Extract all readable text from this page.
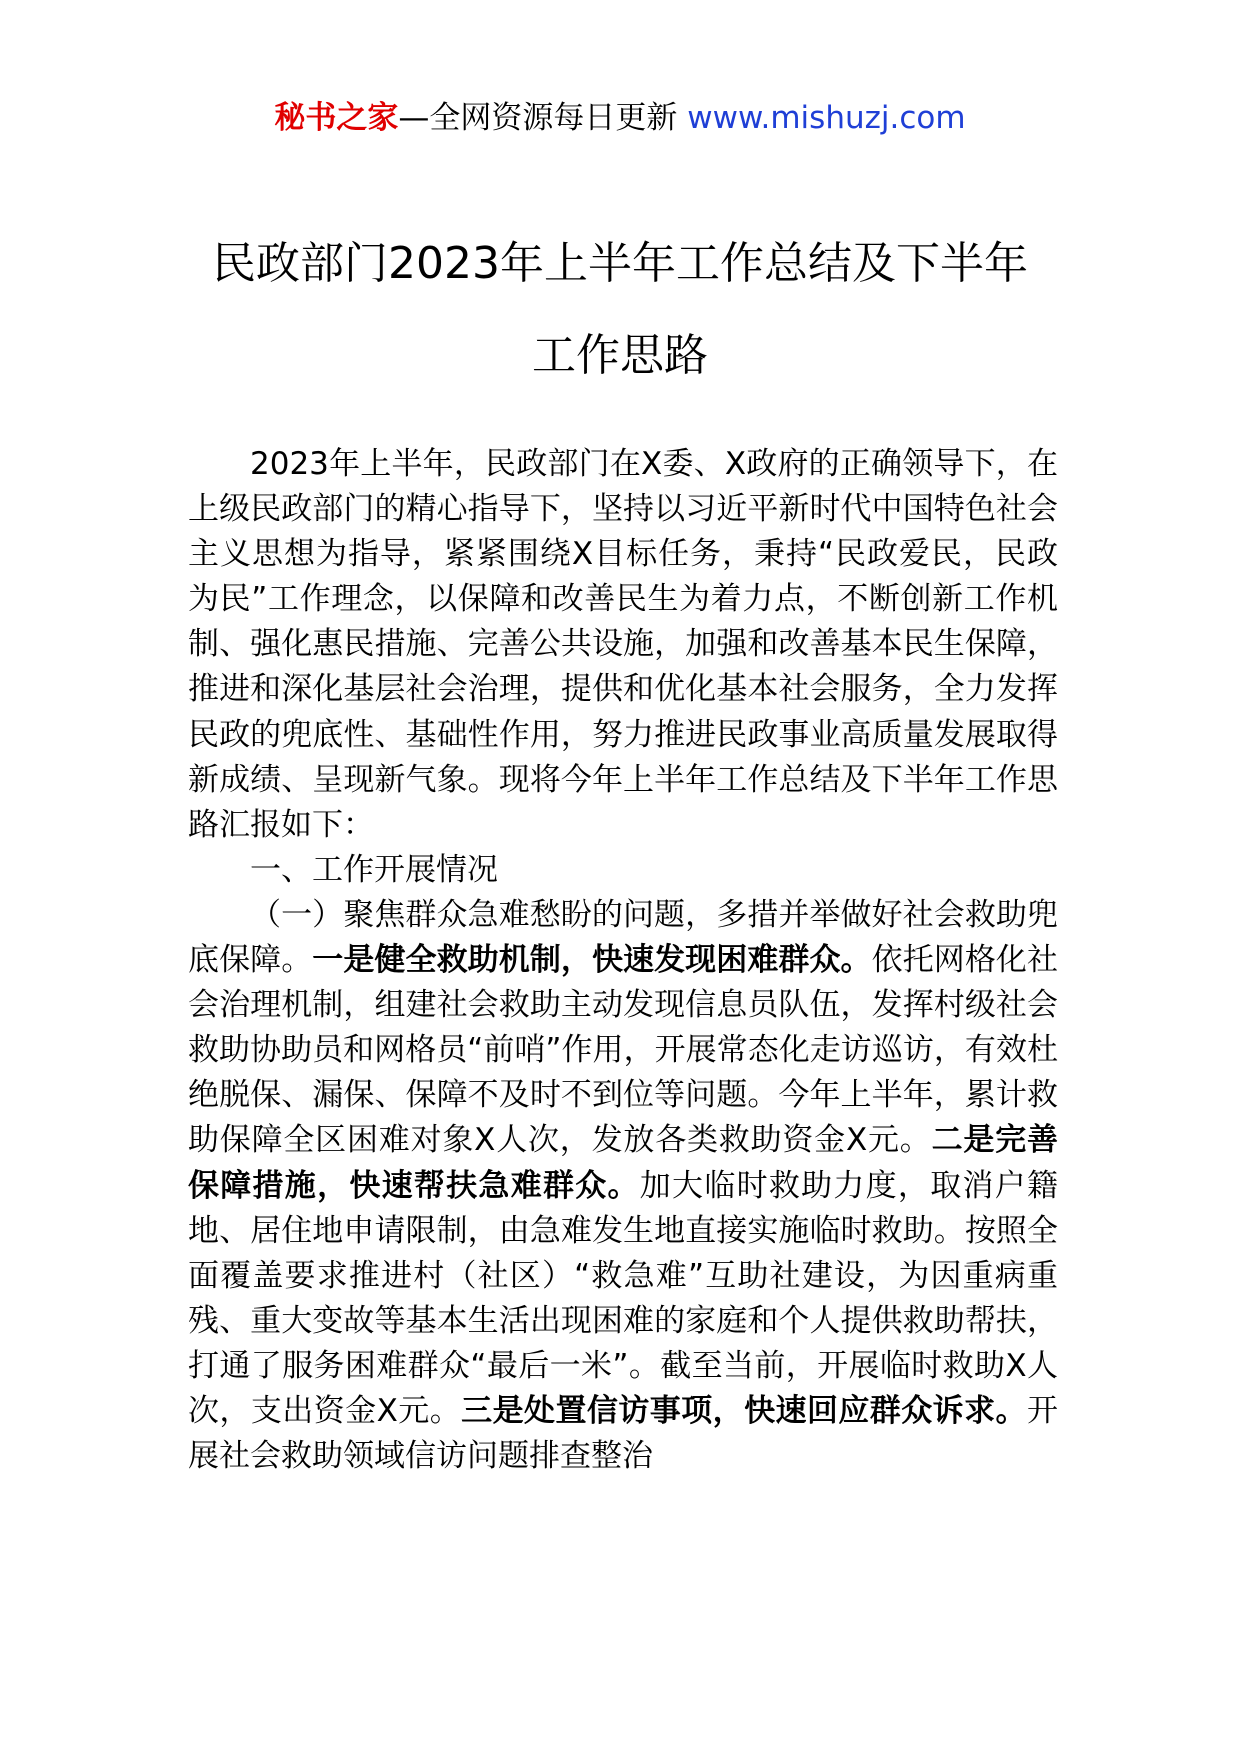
秘书之家—全网资源每日更新 www.mishuzj.com
民政部门2023年上半年工作总结及下半年
工作思路

2023年上半年，民政部门在X委、X政府的正确领导下，在上级民政部门的精心指导下，坚持以习近平新时代中国特色社会主义思想为指导，紧紧围绕X目标任务，秉持“民政爱民，民政为民”工作理念，以保障和改善民生为着力点，不断创新工作机制、强化惠民措施、完善公共设施，加强和改善基本民生保障，推进和深化基层社会治理，提供和优化基本社会服务，全力发挥民政的兜底性、基础性作用，努力推进民政事业高质量发展取得新成绩、呈现新气象。现将今年上半年工作总结及下半年工作思路汇报如下：

一、工作开展情况

（一）聚焦群众急难愁盼的问题，多措并举做好社会救助兜底保障。一是健全救助机制，快速发现困难群众。依托网格化社会治理机制，组建社会救助主动发现信息员队伍，发挥村级社会救助协助员和网格员“前哨”作用，开展常态化走访巡访，有效杜绝脱保、漏保、保障不及时不到位等问题。今年上半年，累计救助保障全区困难对象X人次，发放各类救助资金X元。二是完善保障措施，快速帮扶急难群众。加大临时救助力度，取消户籍地、居住地申请限制，由急难发生地直接实施临时救助。按照全面覆盖要求推进村（社区）“救急难”互助社建设，为因重病重残、重大变故等基本生活出现困难的家庭和个人提供救助帮扶，打通了服务困难群众“最后一米”。截至当前，开展临时救助X人次，支出资金X元。三是处置信访事项，快速回应群众诉求。开展社会救助领域信访问题排查整治
